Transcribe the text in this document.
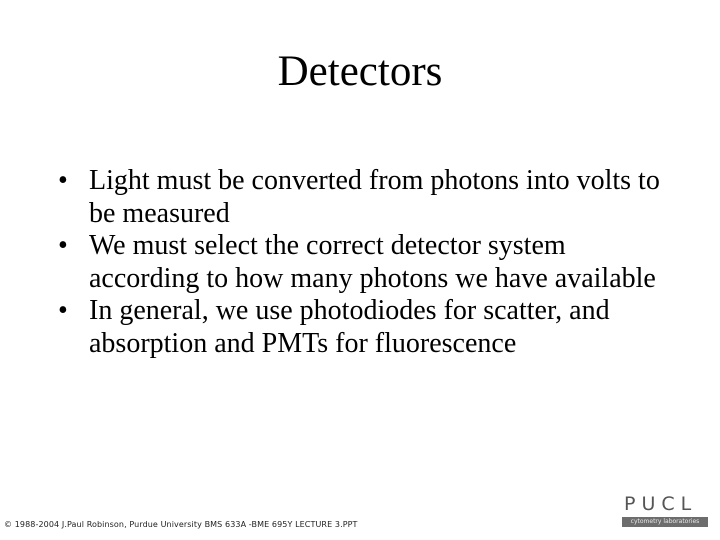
Detectors
• Light must be converted from photons into volts to be measured
• We must select the correct detector system according to how many photons we have available
• In general, we use photodiodes for scatter, and absorption and PMTs for fluorescence
© 1988-2004 J.Paul Robinson, Purdue University BMS 633A -BME 695Y LECTURE 3.PPT
PUCL
cytometry laboratories
